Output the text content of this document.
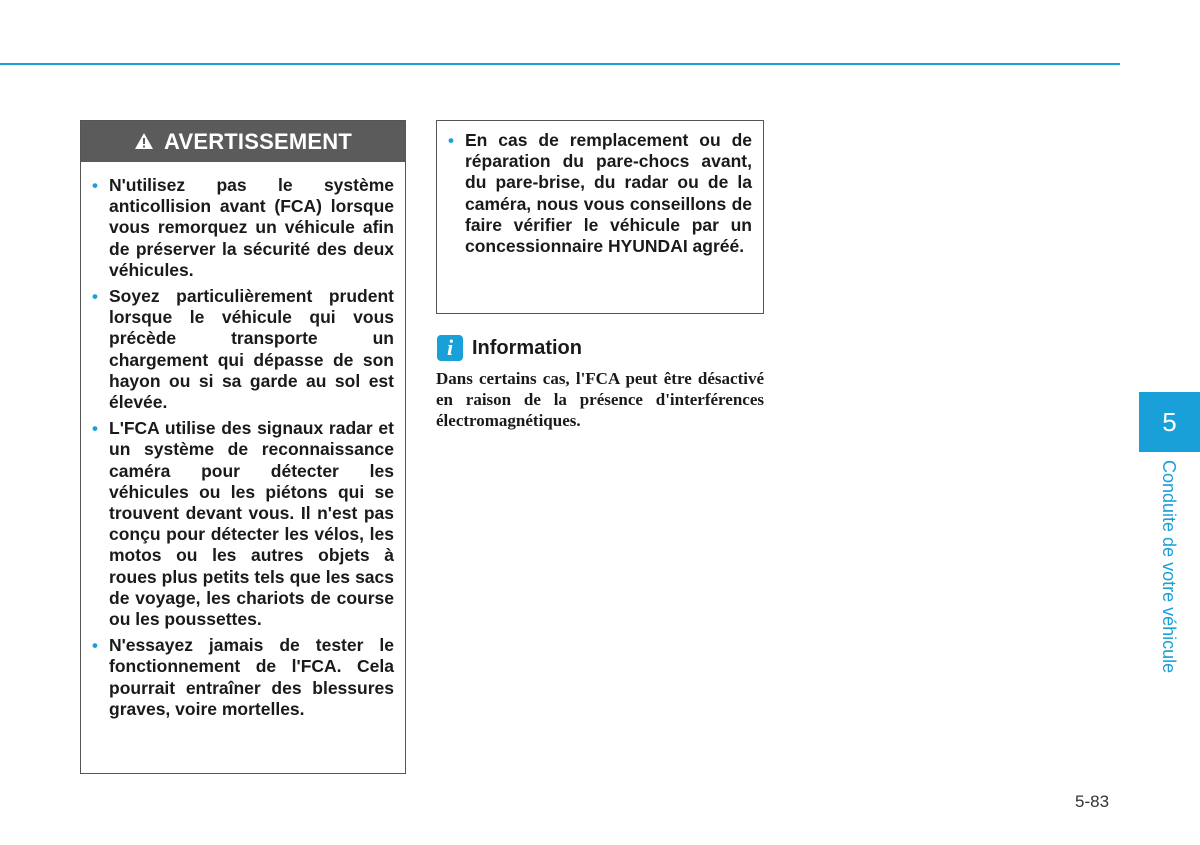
AVERTISSEMENT
• N'utilisez pas le système anticollision avant (FCA) lorsque vous remorquez un véhicule afin de préserver la sécurité des deux véhicules.
• Soyez particulièrement prudent lorsque le véhicule qui vous précède transporte un chargement qui dépasse de son hayon ou si sa garde au sol est élevée.
• L'FCA utilise des signaux radar et un système de reconnaissance caméra pour détecter les véhicules ou les piétons qui se trouvent devant vous. Il n'est pas conçu pour détecter les vélos, les motos ou les autres objets à roues plus petits tels que les sacs de voyage, les chariots de course ou les poussettes.
• N'essayez jamais de tester le fonctionnement de l'FCA. Cela pourrait entraîner des blessures graves, voire mortelles.
• En cas de remplacement ou de réparation du pare-chocs avant, du pare-brise, du radar ou de la caméra, nous vous conseillons de faire vérifier le véhicule par un concessionnaire HYUNDAI agréé.
i Information
Dans certains cas, l'FCA peut être désactivé en raison de la présence d'interférences électromagnétiques.	5
Conduite de votre véhicule
5-83
